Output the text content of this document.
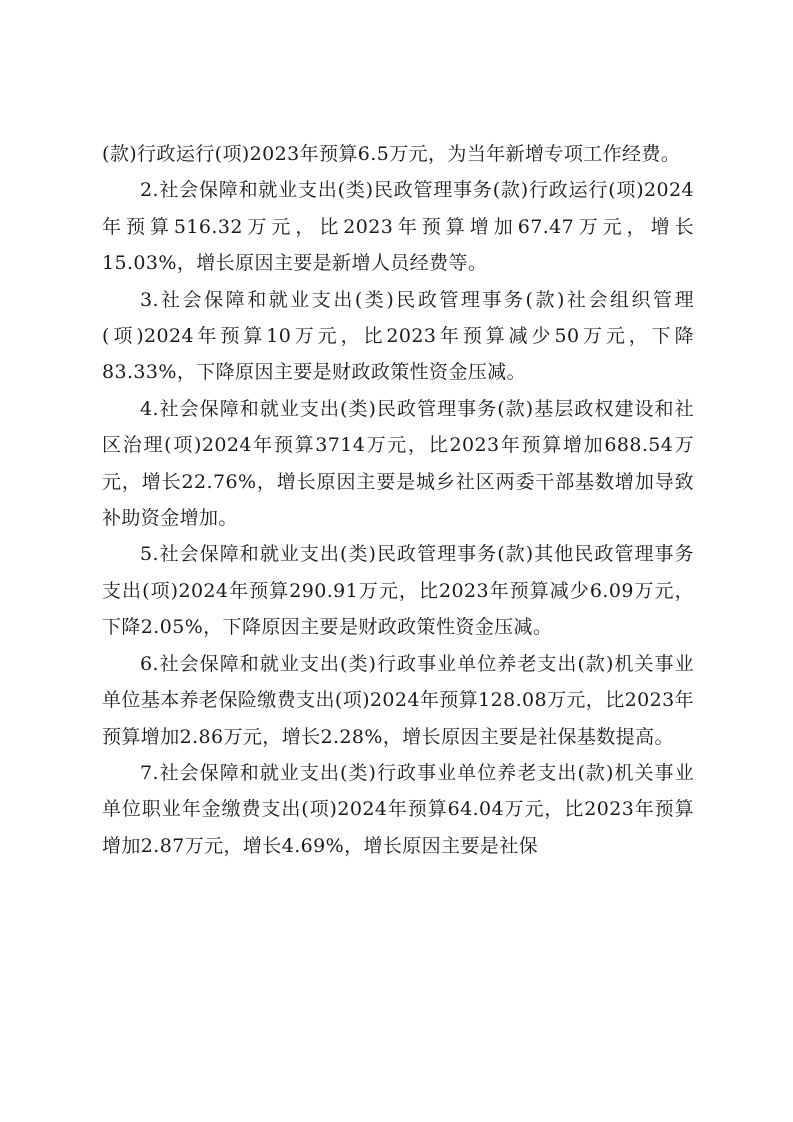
(款)行政运行(项)2023年预算6.5万元，为当年新增专项工作经费。

2.社会保障和就业支出(类)民政管理事务(款)行政运行(项)2024年预算516.32万元，比2023年预算增加67.47万元，增长15.03%，增长原因主要是新增人员经费等。

3.社会保障和就业支出(类)民政管理事务(款)社会组织管理(项)2024年预算10万元，比2023年预算减少50万元，下降83.33%，下降原因主要是财政政策性资金压减。

4.社会保障和就业支出(类)民政管理事务(款)基层政权建设和社区治理(项)2024年预算3714万元，比2023年预算增加688.54万元，增长22.76%，增长原因主要是城乡社区两委干部基数增加导致补助资金增加。

5.社会保障和就业支出(类)民政管理事务(款)其他民政管理事务支出(项)2024年预算290.91万元，比2023年预算减少6.09万元，下降2.05%，下降原因主要是财政政策性资金压减。

6.社会保障和就业支出(类)行政事业单位养老支出(款)机关事业单位基本养老保险缴费支出(项)2024年预算128.08万元，比2023年预算增加2.86万元，增长2.28%，增长原因主要是社保基数提高。

7.社会保障和就业支出(类)行政事业单位养老支出(款)机关事业单位职业年金缴费支出(项)2024年预算64.04万元，比2023年预算增加2.87万元，增长4.69%，增长原因主要是社保
